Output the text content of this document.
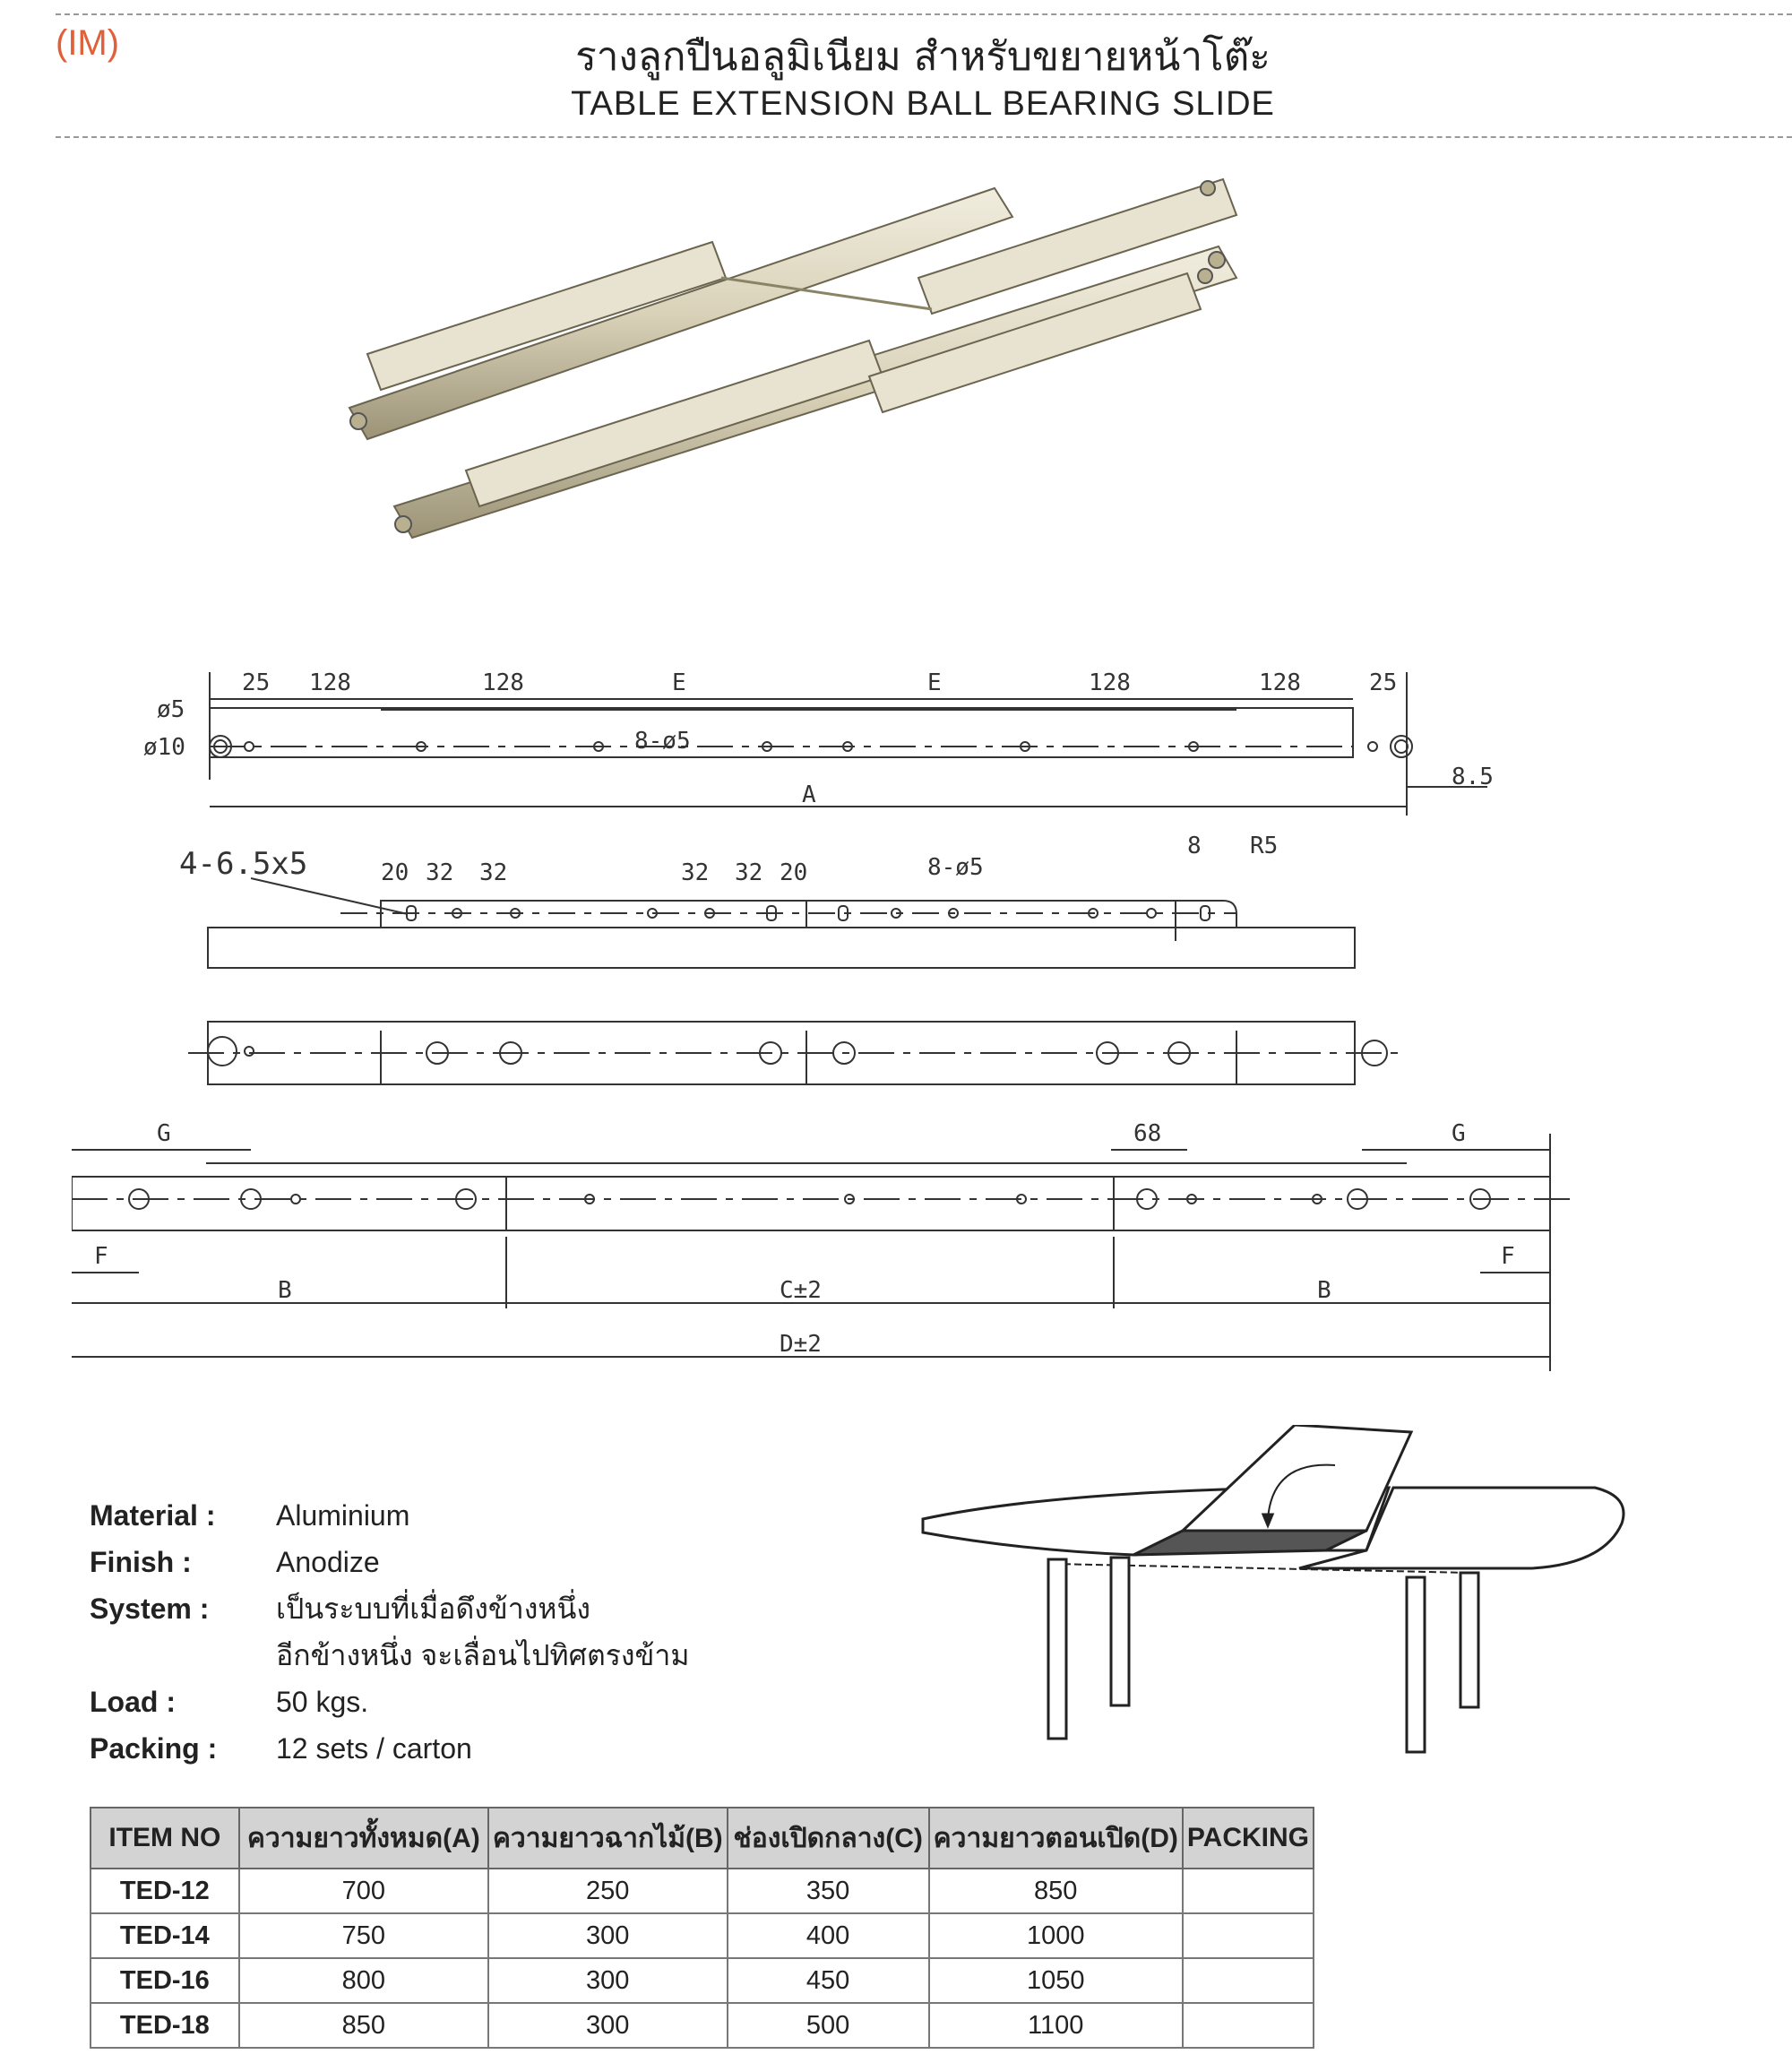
(IM)	รางลูกปืนอลูมิเนียม สำหรับขยายหน้าโต๊ะ
TABLE EXTENSION BALL BEARING SLIDE
25 128	128	E	E	128	128	25
ø5
ø10	8-ø5
A
8.5
4-6.5x5	20 32 32	32 32 20	8-ø5
8 R5
G	G
68
F	F
B	C±2	B
D±2
Material :	Aluminium
Finish :	Anodize
System :	เป็นระบบที่เมื่อดึงข้างหนึ่ง
อีกข้างหนึ่ง จะเลื่อนไปทิศตรงข้าม
Load :	50 kgs.
Packing :	12 sets / carton
ITEM NO	ความยาวทั้งหมด(A)	ความยาวฉากไม้(B)	ช่องเปิดกลาง(C)	ความยาวตอนเปิด(D)	PACKING
TED-12	700	250	350	850	
TED-14	750	300	400	1000	
TED-16	800	300	450	1050	
TED-18	850	300	500	1100	
